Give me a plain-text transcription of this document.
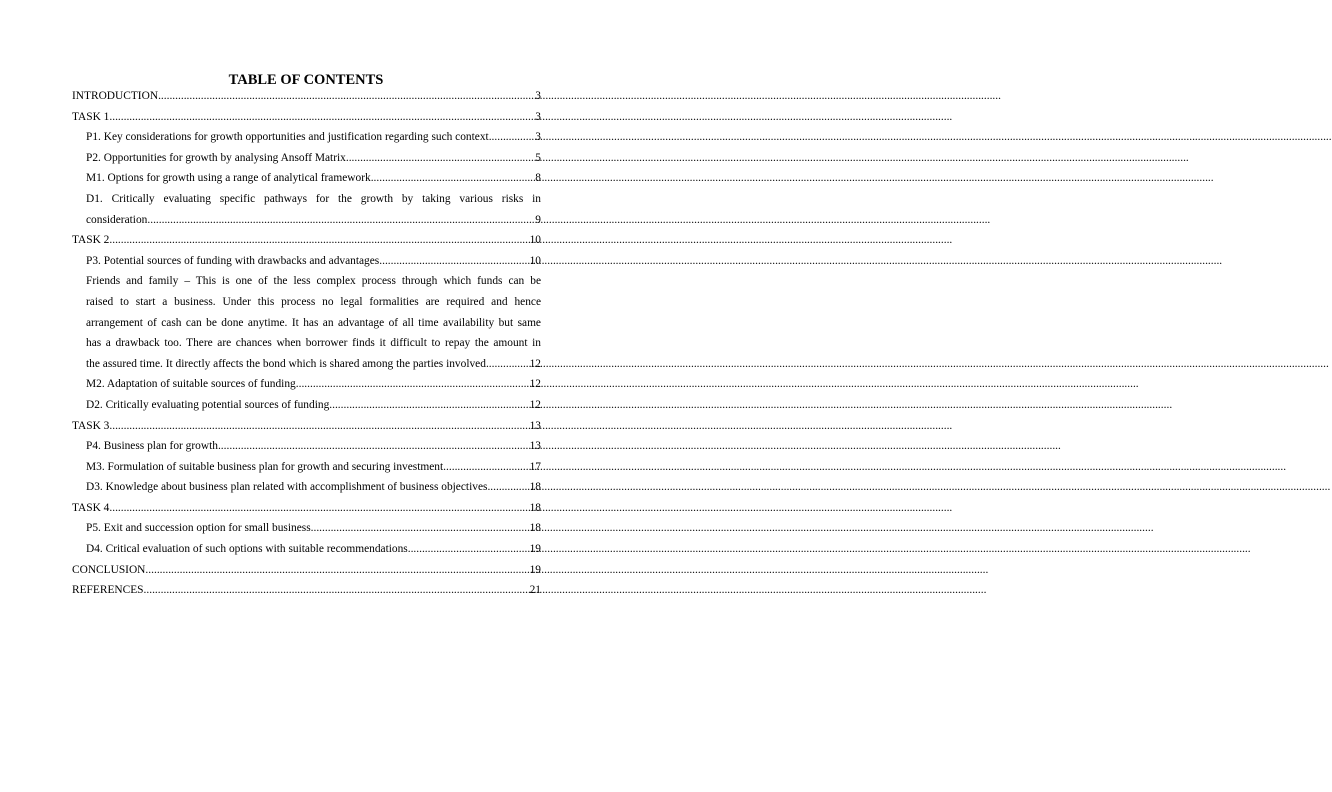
TABLE OF CONTENTS
INTRODUCTION .....	3
TASK 1 .....	3
P1. Key considerations for growth opportunities and justification regarding such context .....	3
P2. Opportunities for growth by analysing Ansoff Matrix .....	5
M1. Options for growth using a range of analytical framework .....	8
D1. Critically evaluating specific pathways for the growth by taking various risks in
consideration .....	9
TASK 2 .....	10
P3. Potential sources of funding with drawbacks and advantages .....	10
Friends and family – This is one of the less complex process through which funds can be
raised to start a business. Under this process no legal formalities are required and hence
arrangement of cash can be done anytime. It has an advantage of all time availability but same
has a drawback too. There are chances when borrower finds it difficult to repay the amount in
the assured time. It directly affects the bond which is shared among the parties involved .....	12
M2. Adaptation of suitable sources of funding .....	12
D2. Critically evaluating potential sources of funding .....	12
TASK 3 .....	13
P4. Business plan for growth .....	13
M3. Formulation of suitable business plan for growth and securing investment .....	17
D3. Knowledge about business plan related with accomplishment of business objectives .....	18
TASK 4 .....	18
P5. Exit and succession option for small business .....	18
D4. Critical evaluation of such options with suitable recommendations .....	19
CONCLUSION .....	19
REFERENCES .....	21
